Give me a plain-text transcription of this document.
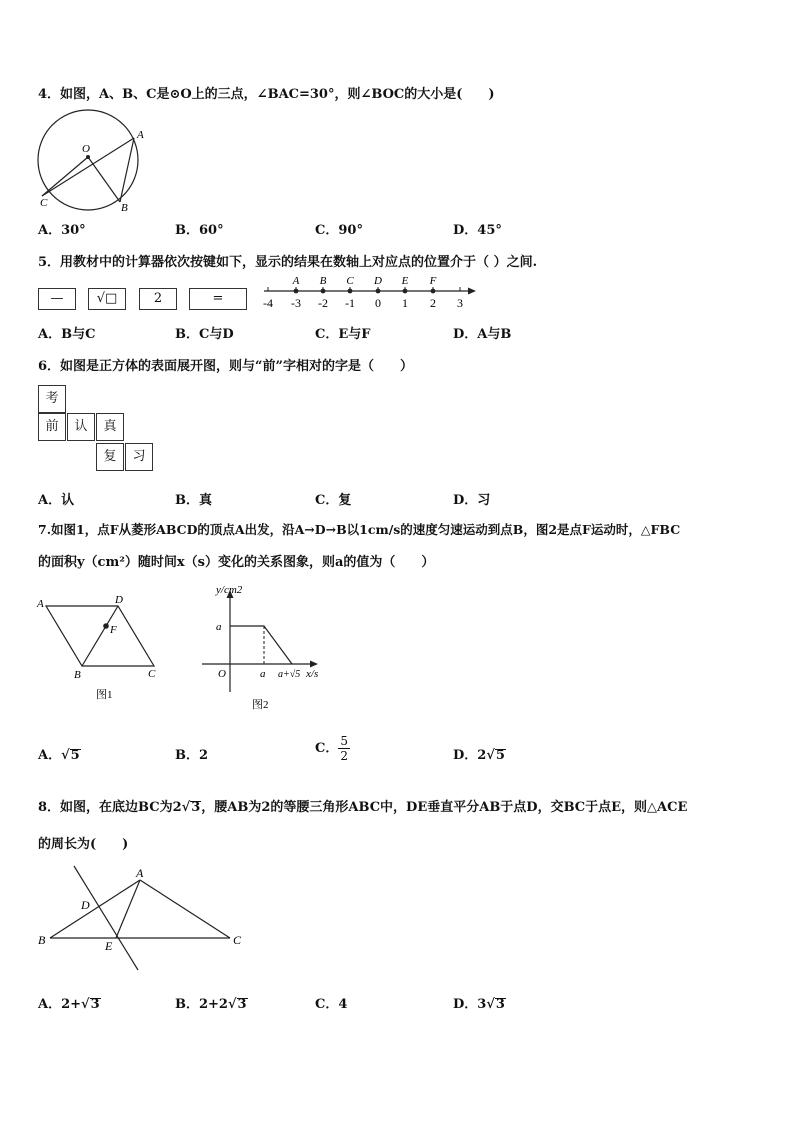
4．如图，A、B、C是⊙O上的三点，∠BAC=30°，则∠BOC的大小是(　　)
O
A
B
C
A．30°	B．60°	C．90°	D．45°
5．用教材中的计算器依次按键如下，显示的结果在数轴上对应点的位置介于（ ）之间.
—	√□	2	=
A B C D E F
-4 -3 -2 -1 0 1 2 3
A．B与C	B．C与D	C．E与F	D．A与B
6．如图是正方体的表面展开图，则与“前”字相对的字是（　　）
考
前	认	真
复	习
A．认	B．真	C．复	D．习
7.如图1，点F从菱形ABCD的顶点A出发，沿A→D→B以1cm/s的速度匀速运动到点B，图2是点F运动时，△FBC
的面积y（cm²）随时间x（s）变化的关系图象，则a的值为（　　）
A	D
F
B	C
图1
y/cm2
a
O	a a+√5 x/s
图2
A．√5	B．2	C． $\frac{5}{2}$	D．2√5
8．如图，在底边BC为2√3，腰AB为2的等腰三角形ABC中，DE垂直平分AB于点D，交BC于点E，则△ACE
的周长为(　　)
A
D
B	E	C
A．2+√3	B．2+2√3	C．4	D．3√3
